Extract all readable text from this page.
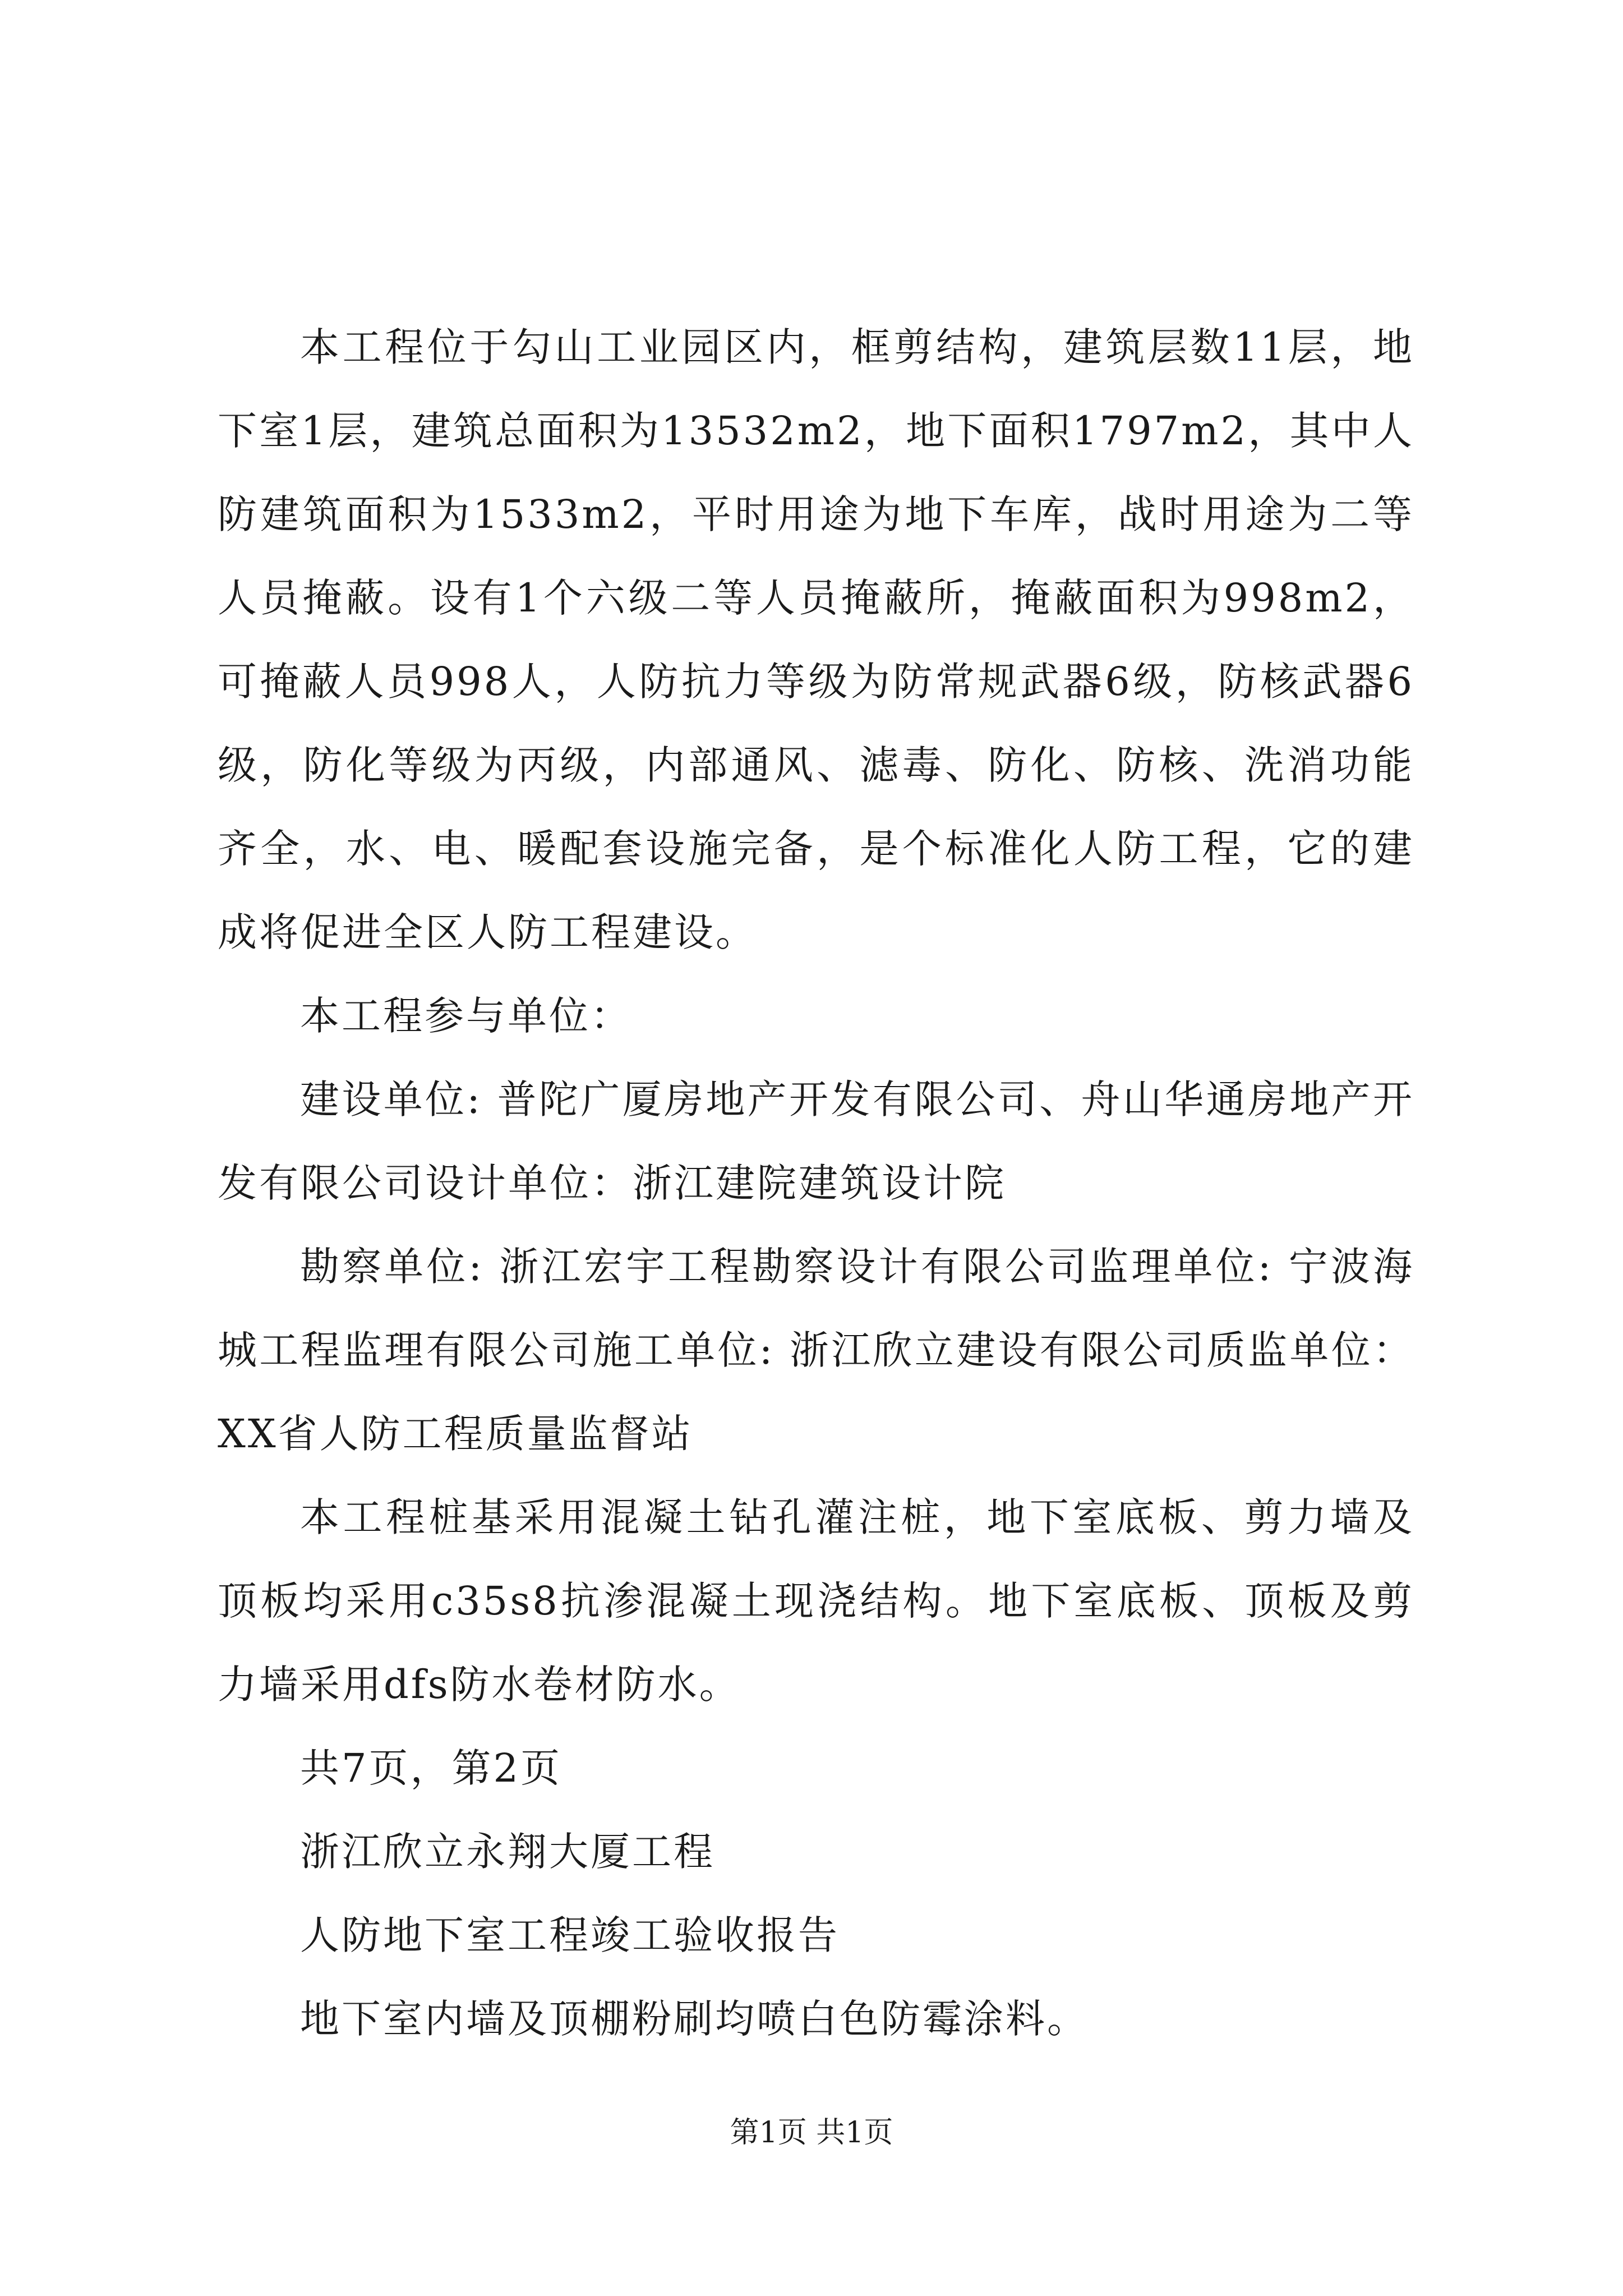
本工程位于勾山工业园区内，框剪结构，建筑层数11层，地下室1层，建筑总面积为13532m2，地下面积1797m2，其中人防建筑面积为1533m2，平时用途为地下车库，战时用途为二等人员掩蔽。设有1个六级二等人员掩蔽所，掩蔽面积为998m2，可掩蔽人员998人，人防抗力等级为防常规武器6级，防核武器6级，防化等级为丙级，内部通风、滤毒、防化、防核、洗消功能齐全，水、电、暖配套设施完备，是个标准化人防工程，它的建成将促进全区人防工程建设。

本工程参与单位：

建设单位: 普陀广厦房地产开发有限公司、舟山华通房地产开发有限公司设计单位：浙江建院建筑设计院

勘察单位: 浙江宏宇工程勘察设计有限公司监理单位: 宁波海城工程监理有限公司施工单位: 浙江欣立建设有限公司质监单位：XX省人防工程质量监督站

本工程桩基采用混凝土钻孔灌注桩，地下室底板、剪力墙及顶板均采用c35s8抗渗混凝土现浇结构。地下室底板、顶板及剪力墙采用dfs防水卷材防水。

共7页，第2页

浙江欣立永翔大厦工程

人防地下室工程竣工验收报告

地下室内墙及顶棚粉刷均喷白色防霉涂料。

第1页 共1页
